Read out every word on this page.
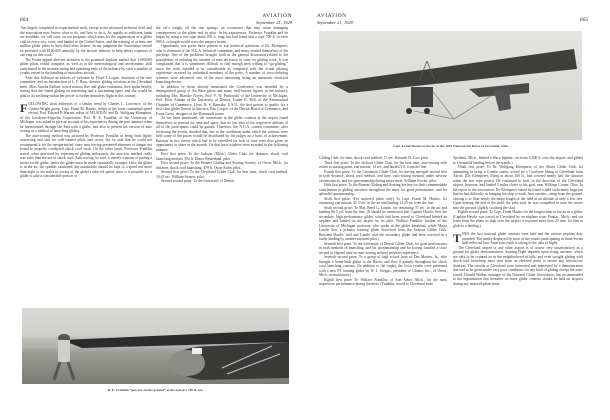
604

“has largely completed its experimental work, except in the advanced technical field, and the association now knows what to do, and how to do it. As rapidly as sufficient funds are available, we will carry on our program, which aims for the organization of a glider club in every city, town, and hamlet in the United States, and the training of at least one million glider pilots to their third-class license. In my judgment the Association should be provided with $100,000 annually by the aircraft industry to help defray expenses of carrying on this work.”

The Evans appeal directed attention to the potential airplane market that 1,000,000 glider pilots would comprise, as well as to the meteorological and aerodynamic skill contributed to the manufacturing and operating ends of the industry by such a number of youths versed in the handling of motorless aircraft.

After this followed an address of welcome by Floyd J. Logan, chairman of the race committee, and an introduction of L. F. Ross, director gliding activities at the Cleveland meet. Miss Amelia Earhart, noted woman flier and glider enthusiast, then spoke briefly, stating that she found gliding an interesting and a fascinating sport, and she would be glad to do anything within her power to further motorless flight in this country.

FOLLOWING short addresses of a similar trend by Charles L. Lawrence, of the Curtiss-Wright group, Capt. Frank M. Hawks, holder of the trans-continental speed record, Prof. Edward P. Warner, editor of AVIATION, and Dr. Wolfgang Klemperer, of the Goodyear-Zeppelin Corporation. Prof. R. E. Franklin, of the University of Michigan, was asked to give an account of his experiences during the past summer when he barnstormed through the East with a glider, and also to present his version of auto towing as a method of launching gliders.

The auto-towing method was pictured by Professor Franklin as being both highly interesting and safe for well-trained pilots and crews, but he said that he could not recommend it for the inexperienced, since auto towing presented elements of danger not found in properly conducted shock cord work. On the other hand, Professor Franklin stated, when practiced by experienced gliding enthusiasts, the auto-tow method really was safer than the use of shock cord. Auto towing, he said, is merely a means of putting a motor on the glider, hence the glider must be made structurally stronger. Once the glider is in the air, the speaker cautioned, the automobile should be kept to a speed not more than eight or ten miles in excess of the glider's take-off speed, since it is possible for a glider to take a considerable portion of

the car's weight off the rear springs, an occurrence that may cause damaging consequences to the glider and its pilot. In his experiences, Professor Franklin and he began by using a tow-rope about 200 ft. long, but had found that a rope 700 ft. or even 800 ft. in length would serve the purpose better.

Opportunity was given those present to ask technical questions of Dr. Klemperer, who is chairman of the N.G.A. technical committee, and many availed themselves of the privilege. One of the problems brought forth in the general discussion related to the possibilities of reducing the number of men necessary to carry on gliding work. It was complained that it is sometimes difficult to find enough men willing to “go-gliding,” since the work entailed is so considerable as compared with the actual piloting experience received by individual members of the party. A number of crew-reducing schemes were advanced, one of the most interesting being an automatic electrical launching device.

In addition to those already mentioned the Conference was attended by a distinguished group of Air Race pilots and many well-known figures in the industry, including Mrs. Blanche Noyes, Prof. F. W. Pavlowski of the University of Michigan, Prof. Peter Altman of the University of Detroit, Luther K. Bell, of the Aeronautical Chamber of Commerce, Lieut. R. S. Barnaby, U.S.N., the first person to qualify for a first-class glider license in America, Ray Cooper, of the Detroit Board of Commerce, and Franz Gross, designer of the Darmstadt soarer.

As has been mentioned, the contestants in the glider contests at the airport found themselves so pressed for time and space, that no fair idea of the respective abilities of all of the participants could be gained. Therefore, the N.G.A. contest committee, after reviewing the events, decided that, due to the conditions under which the contests were held some of the prizes would be distributed by the judges on a basis of achievement. Entrants in two events which had to be cancelled for lack of time were thus given an opportunity to share in the awards. On that basis trophies were awarded in the following manner:

First first prize: To the Jackson (Mich.) Glider Club, for distance, shock cord launching method, 592 ft. Elmer Westerland, pilot.

First second prize: To the Pioneer Gliding and Soaring Society, of Orion, Mich., for distance, shock cord launching, 479 ft. Oscar Kuhn, pilot.

Second first prize: To the Cleveland Glider Club, for best time, shock cord method, 16.45 sec. William Strauss, pilot.

Second second prize: To the University of Detroit

R. E. Franklin “gets low on the ground” at the end of a 700 ft. tow
AVIATION
September 21, 1929	605
Capt. Frank Hawks in the air at the 1929 National Air Races at Cleveland, Ohio

Gliding Club, for time, shock cord method, 15 sec. Kenneth H. Carr, pilot.

Third first prize: To the Jackson Glider Club, for the best time, auto-towing with return to starting point, one minute, 14 sec. and landed 5 ft. from the line.

Fourth first prize: To the Cincinnati Glider Club, for having emerged second best in both distance, shock cord method, and time, auto-towing method, under adverse circumstances, and for sportsmanship during entire meet. William Fowler, pilot.

Fifth first prize: To the Pioneer Gliding and Soaring Society for their commendable contribution to gliding activities throughout the meet, for good performance, and for splendid sportsmanship.

Sixth first prize: (For motored pilots only) To Capt. Frank M. Hawks, for remaining one minute, 45.5 sec. in the air and landing 14.25 yd. from the line.

Sixth second prize: To Maj. Reed G. Landis, for remaining 37 sec. in the air and landing 66.5 yd. from the line. (It should be mentioned that Captain Hawks flew the secondary, high performance glider, which had been towed to Cleveland behind an airplane and landed on the airport by its pilot, Wallace Franklin, brother of the University of Michigan professor who spoke at the glider breakfast, while Major Landis flew a primary training glider borrowed from the Jackson Glider Club. Between Hawks' trial and Landis' trial the secondary glider had been wrecked in a faulty landing by another motored pilot.)

Seventh first prize: To the University of Detroit Glider Club, for good performance in both methods of launching, and for sportsmanship and for having finished a close second in elapsed time on auto-towing without previous experience.

Seventh second prize: To a group of high school boys of Des Moines, Ia., who brought a home-built glider to the Races, and flew it gamely throughout the shock cord launching contests. (In addition to the trophy, the Iowa youths were presented with a new PT training glider by W. J. Scripps, president of Gliders, Inc., of Orion, Mich., manufacturer.)

Eighth first prize: To Wallace Franklin, of Ann Arbor, Mich., for the most impressive performance during the meet. (Franklin, towed to Cleveland from

Ypsilanti, Mich., behind a Waco biplane, cut loose 2,500 ft. over the airport, and glided to a beautiful landing before the stands.)

Ninth first prize: To Dr. Wolfgang Klemperer, of the Akron Glider Club, for attempting to bring a Condor soarer, towed by a Goodyear blimp to Cleveland from Akron. (Dr. Klemperer, flying at about 200 ft., had covered nearly half the distance when the tow rope parted. He continued to soar, in the direction of the Cleveland airport, however, and landed 5 miles closer to his goal, near Willings Corner, Ohio. In his report to the association, Dr. Klemperer stated he found a field sufficiently large but that he had difficulty in bringing his ship to earth, heat currents, rising from the ground, causing it to float nearly the entire length of the field at an altitude of only a few feet. Upon nearing the end of the field, the pilot said, he was compelled to nose the soarer into the ground, slightly cracking the skid.

Eighth second prize: To Capt. Frank Hawks for the longest time in the air in a glider. (Captain Hawks was towed to Cleveland by an airplane from Pontiac, Mich., and cut loose from the plane so high over the airport it required more than 20 min. for him to glide to a landing.)

THUS the first national glider contests were held and the various trophies duly awarded. The ability displayed by most of the youths participating in those events held reflected how American youth is taking to the idea of flight.

The Cleveland airport or any other airport is of course very unsatisfactory as a ground for glider demonstrations. Soaring flight depends upon rising currents, which are only to be counted on in the neighborhood of hills, and even straight gliding with shock-cord launching must start from an elevated point to secure any satisfactory duration. The crowds at Cleveland were interested and impressed by a demonstration that had to be given under very poor conditions for any kind of gliding except the auto-towed. Donald Walker, manager of the National Glider Association, has recommended to the organization that hereafter no more glider contests should be held on airports during any motored-plane meet.

AVIATION
September 21, 1929
